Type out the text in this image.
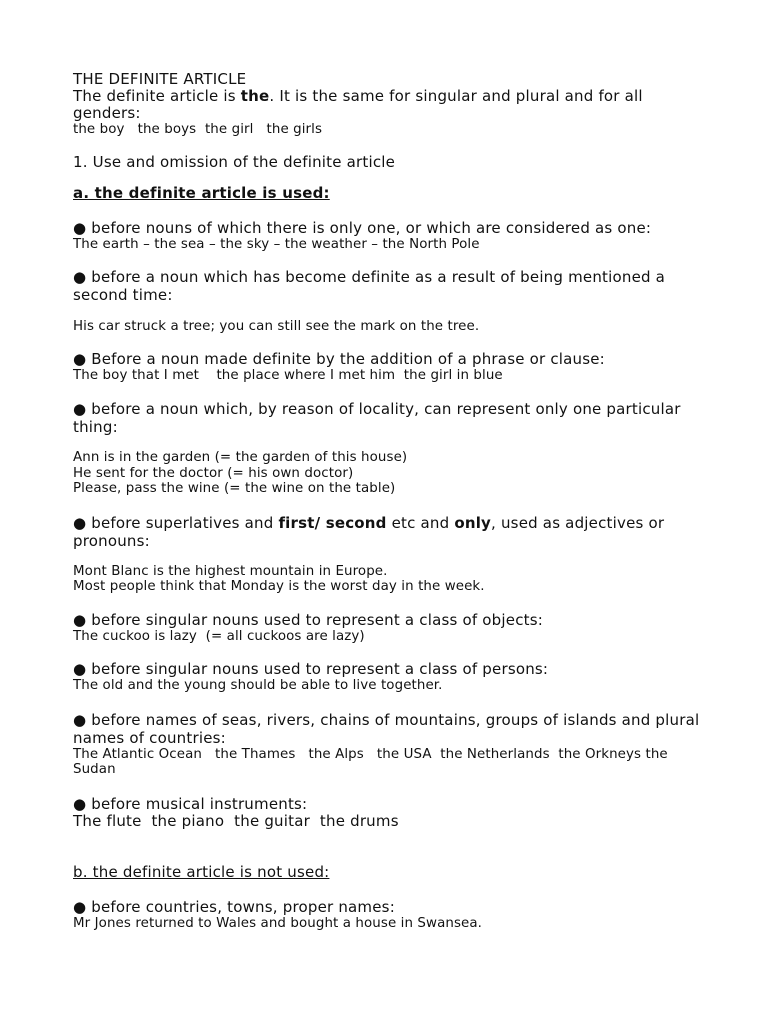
THE DEFINITE ARTICLE

The definite article is the. It is the same for singular and plural and for all genders:

the boy   the boys  the girl   the girls

1. Use and omission of the definite article

a. the definite article is used:

● before nouns of which there is only one, or which are considered as one:

The earth – the sea – the sky – the weather – the North Pole

● before a noun which has become definite as a result of being mentioned a second time:

His car struck a tree; you can still see the mark on the tree.

● Before a noun made definite by the addition of a phrase or clause:

The boy that I met    the place where I met him  the girl in blue

● before a noun which, by reason of locality, can represent only one particular thing:

Ann is in the garden (= the garden of this house)

He sent for the doctor (= his own doctor)

Please, pass the wine (= the wine on the table)

● before superlatives and first/ second etc and only, used as adjectives or pronouns:

Mont Blanc is the highest mountain in Europe.

Most people think that Monday is the worst day in the week.

● before singular nouns used to represent a class of objects:

The cuckoo is lazy  (= all cuckoos are lazy)

● before singular nouns used to represent a class of persons:

The old and the young should be able to live together.

● before names of seas, rivers, chains of mountains, groups of islands and plural names of countries:

The Atlantic Ocean   the Thames   the Alps   the USA  the Netherlands  the Orkneys the Sudan

● before musical instruments:

The flute  the piano  the guitar  the drums

b. the definite article is not used:

● before countries, towns, proper names:

Mr Jones returned to Wales and bought a house in Swansea.
